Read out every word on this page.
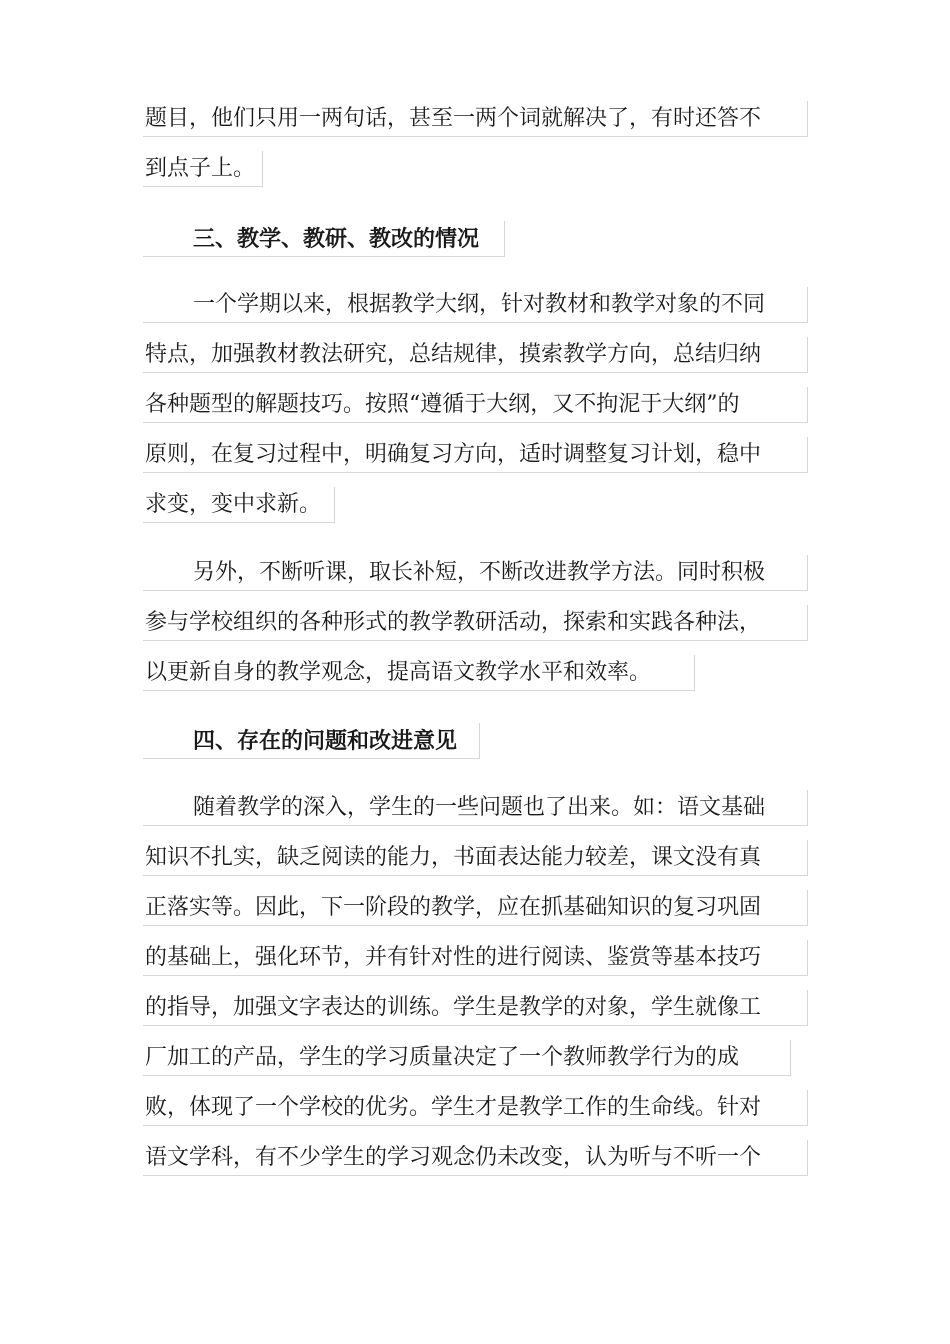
题目，他们只用一两句话，甚至一两个词就解决了，有时还答不
到点子上。
三、教学、教研、教改的情况
一个学期以来，根据教学大纲，针对教材和教学对象的不同
特点，加强教材教法研究，总结规律，摸索教学方向，总结归纳
各种题型的解题技巧。按照“遵循于大纲，又不拘泥于大纲”的
原则，在复习过程中，明确复习方向，适时调整复习计划，稳中
求变，变中求新。
另外，不断听课，取长补短，不断改进教学方法。同时积极
参与学校组织的各种形式的教学教研活动，探索和实践各种法，
以更新自身的教学观念，提高语文教学水平和效率。
四、存在的问题和改进意见
随着教学的深入，学生的一些问题也了出来。如：语文基础
知识不扎实，缺乏阅读的能力，书面表达能力较差，课文没有真
正落实等。因此，下一阶段的教学，应在抓基础知识的复习巩固
的基础上，强化环节，并有针对性的进行阅读、鉴赏等基本技巧
的指导，加强文字表达的训练。学生是教学的对象，学生就像工
厂加工的产品，学生的学习质量决定了一个教师教学行为的成
败，体现了一个学校的优劣。学生才是教学工作的生命线。针对
语文学科，有不少学生的学习观念仍未改变，认为听与不听一个
